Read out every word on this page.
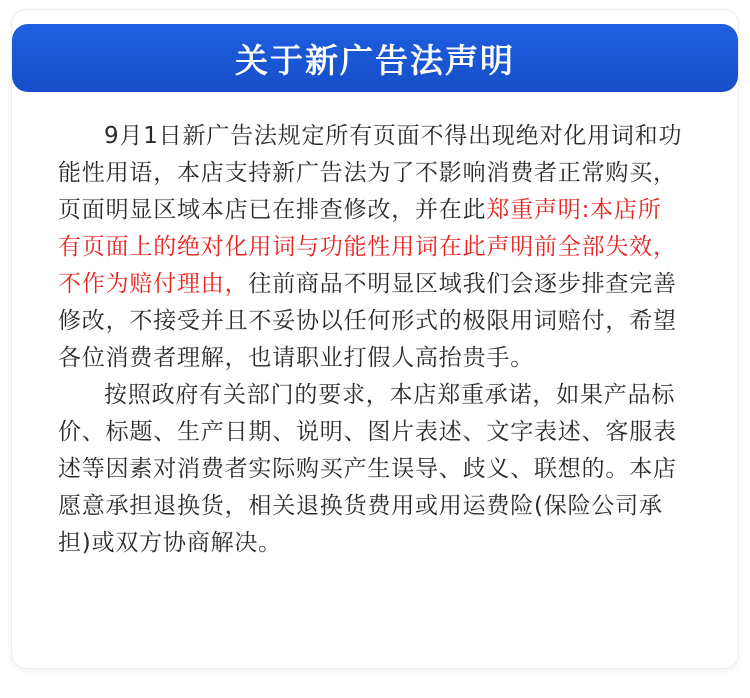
关于新广告法声明
9月1日新广告法规定所有页面不得出现绝对化用词和功
能性用语，本店支持新广告法为了不影响消费者正常购买，
页面明显区域本店已在排查修改，并在此郑重声明:本店所
有页面上的绝对化用词与功能性用词在此声明前全部失效，
不作为赔付理由，往前商品不明显区域我们会逐步排查完善
修改，不接受并且不妥协以任何形式的极限用词赔付，希望
各位消费者理解，也请职业打假人高抬贵手。
按照政府有关部门的要求，本店郑重承诺，如果产品标
价、标题、生产日期、说明、图片表述、文字表述、客服表
述等因素对消费者实际购买产生误导、歧义、联想的。本店
愿意承担退换货，相关退换货费用或用运费险(保险公司承
担)或双方协商解决。
